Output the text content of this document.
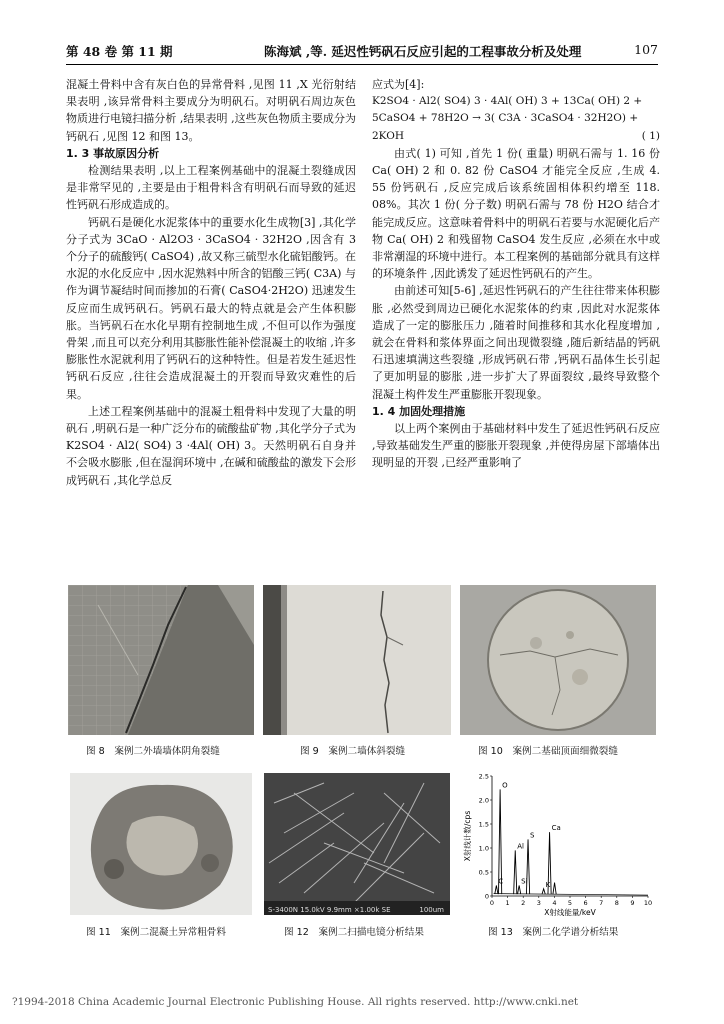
第 48 卷 第 11 期	陈海斌 ,等. 延迟性钙矾石反应引起的工程事故分析及处理	107

混凝土骨料中含有灰白色的异常骨料 ,见图 11 ,X 光衍射结果表明 ,该异常骨料主要成分为明矾石。对明矾石周边灰色物质进行电镜扫描分析 ,结果表明 ,这些灰色物质主要成分为钙矾石 ,见图 12 和图 13。

1. 3 事故原因分析

检测结果表明 ,以上工程案例基础中的混凝土裂缝成因是非常罕见的 ,主要是由于粗骨料含有明矾石而导致的延迟性钙矾石形成造成的。

钙矾石是硬化水泥浆体中的重要水化生成物[3] ,其化学分子式为 3CaO · Al2O3 · 3CaSO4 · 32H2O ,因含有 3 个分子的硫酸钙( CaSO4) ,故又称三硫型水化硫铝酸钙。在水泥的水化反应中 ,因水泥熟料中所含的铝酸三钙( C3A) 与作为调节凝结时间而掺加的石膏( CaSO4·2H2O) 迅速发生反应而生成钙矾石。钙矾石最大的特点就是会产生体积膨胀。当钙矾石在水化早期有控制地生成 ,不但可以作为强度骨架 ,而且可以充分利用其膨胀性能补偿混凝土的收缩 ,许多膨胀性水泥就利用了钙矾石的这种特性。但是若发生延迟性钙矾石反应 ,往往会造成混凝土的开裂而导致灾难性的后果。

上述工程案例基础中的混凝土粗骨料中发现了大量的明矾石 ,明矾石是一种广泛分布的硫酸盐矿物 ,其化学分子式为 K2SO4 · Al2( SO4) 3 ·4Al( OH) 3。天然明矾石自身并不会吸水膨胀 ,但在湿润环境中 ,在碱和硫酸盐的激发下会形成钙矾石 ,其化学总反

应式为[4]:

K2SO4 · Al2( SO4) 3 · 4Al( OH) 3 + 13Ca( OH) 2 +
5CaSO4 + 78H2O → 3( C3A · 3CaSO4 · 32H2O) +
2KOH	( 1)

由式( 1) 可知 ,首先 1 份( 重量) 明矾石需与 1. 16 份 Ca( OH) 2 和 0. 82 份 CaSO4 才能完全反应 ,生成 4. 55 份钙矾石 ,反应完成后该系统固相体积约增至 118. 08%。其次 1 份( 分子数) 明矾石需与 78 份 H2O 结合才能完成反应。这意味着骨料中的明矾石若要与水泥硬化后产物 Ca( OH) 2 和残留物 CaSO4 发生反应 ,必须在水中或非常潮湿的环境中进行。本工程案例的基础部分就具有这样的环境条件 ,因此诱发了延迟性钙矾石的产生。

由前述可知[5-6] ,延迟性钙矾石的产生往往带来体积膨胀 ,必然受到周边已硬化水泥浆体的约束 ,因此对水泥浆体造成了一定的膨胀压力 ,随着时间推移和其水化程度增加 ,就会在骨料和浆体界面之间出现微裂缝 ,随后新结晶的钙矾石迅速填满这些裂缝 ,形成钙矾石带 ,钙矾石晶体生长引起了更加明显的膨胀 ,进一步扩大了界面裂纹 ,最终导致整个混凝土构件发生严重膨胀开裂现象。

1. 4 加固处理措施

以上两个案例由于基础材料中发生了延迟性钙矾石反应 ,导致基础发生严重的膨胀开裂现象 ,并使得房屋下部墙体出现明显的开裂 ,已经严重影响了

图 8　案例二外墙墙体阴角裂缝	图 9　案例二墙体斜裂缝	图 10　案例二基础顶面细微裂缝
图 11　案例二混凝土异常粗骨料
S-3400N 15.0kV 9.9mm ×1.00k SE	100um
图 12　案例二扫描电镜分析结果
0
0.5
1.0
1.5
2.0
2.5
0 1 2 3 4 5 6 7 8 9 10
C
O
Al
Si
S
K
Ca
X射线计数/cps
X射线能量/keV
图 13　案例二化学谱分析结果
?1994-2018 China Academic Journal Electronic Publishing House. All rights reserved. http://www.cnki.net
